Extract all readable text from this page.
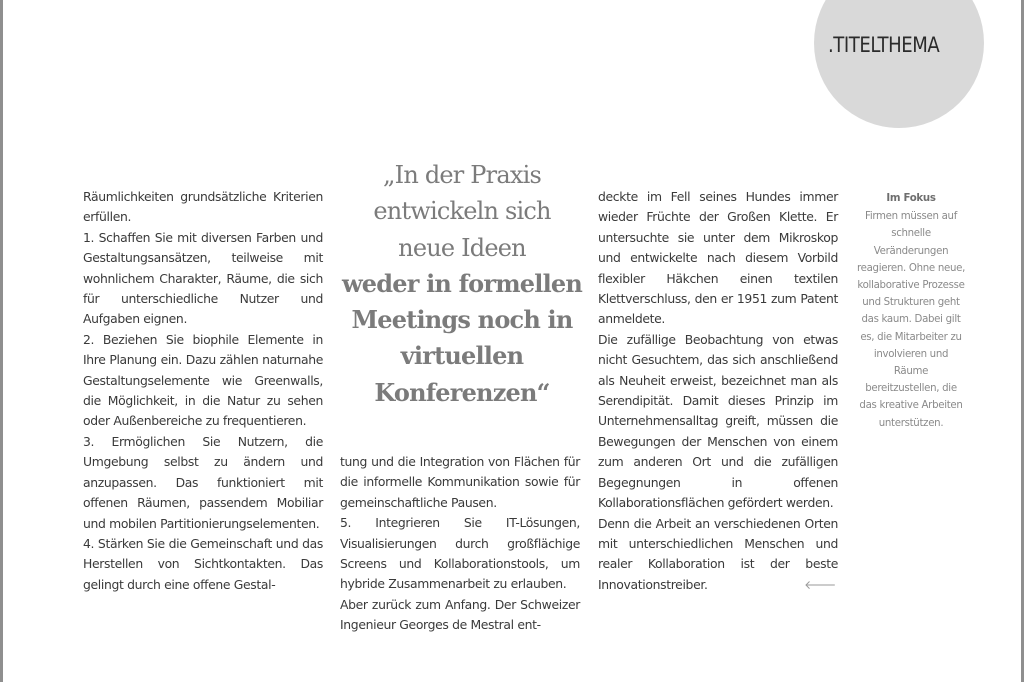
.TITELTHEMA

Räumlichkeiten grundsätzliche Kriterien erfüllen.

1. Schaffen Sie mit diversen Farben und Gestaltungsansätzen, teilweise mit wohnlichem Charakter, Räume, die sich für unterschiedliche Nutzer und Aufgaben eignen.

2. Beziehen Sie biophile Elemente in Ihre Planung ein. Dazu zählen naturnahe Gestaltungselemente wie Greenwalls, die Möglichkeit, in die Natur zu sehen oder Außenbereiche zu frequentieren.

3. Ermöglichen Sie Nutzern, die Umgebung selbst zu ändern und anzupassen. Das funktioniert mit offenen Räumen, passendem Mobiliar und mobilen Partitionierungselementen.

4. Stärken Sie die Gemeinschaft und das Herstellen von Sichtkontakten. Das gelingt durch eine offene Gestal-

„In der Praxis
entwickeln sich
neue Ideen
weder in formellen
Meetings noch in
virtuellen
Konferenzen“

tung und die Integration von Flächen für die informelle Kommunikation sowie für gemeinschaftliche Pausen.

5. Integrieren Sie IT-Lösungen, Visualisierungen durch großflächige Screens und Kollaborationstools, um hybride Zusammenarbeit zu erlauben.

Aber zurück zum Anfang. Der Schweizer Ingenieur Georges de Mestral ent-

deckte im Fell seines Hundes immer wieder Früchte der Großen Klette. Er untersuchte sie unter dem Mikroskop und entwickelte nach diesem Vorbild flexibler Häkchen einen textilen Klettverschluss, den er 1951 zum Patent anmeldete.

Die zufällige Beobachtung von etwas nicht Gesuchtem, das sich anschließend als Neuheit erweist, bezeichnet man als Serendipität. Damit dieses Prinzip im Unternehmensalltag greift, müssen die Bewegungen der Menschen von einem zum anderen Ort und die zufälligen Begegnungen in offenen Kollaborationsflächen gefördert werden.

Denn die Arbeit an verschiedenen Orten mit unterschiedlichen Menschen und realer Kollaboration ist der beste Innovationstreiber.	🡐

Im Fokus
Firmen müssen auf schnelle Veränderungen reagieren. Ohne neue, kollaborative Prozesse und Strukturen geht das kaum. Dabei gilt es, die Mitarbeiter zu involvieren und Räume bereitzustellen, die das kreative Arbeiten unterstützen.
